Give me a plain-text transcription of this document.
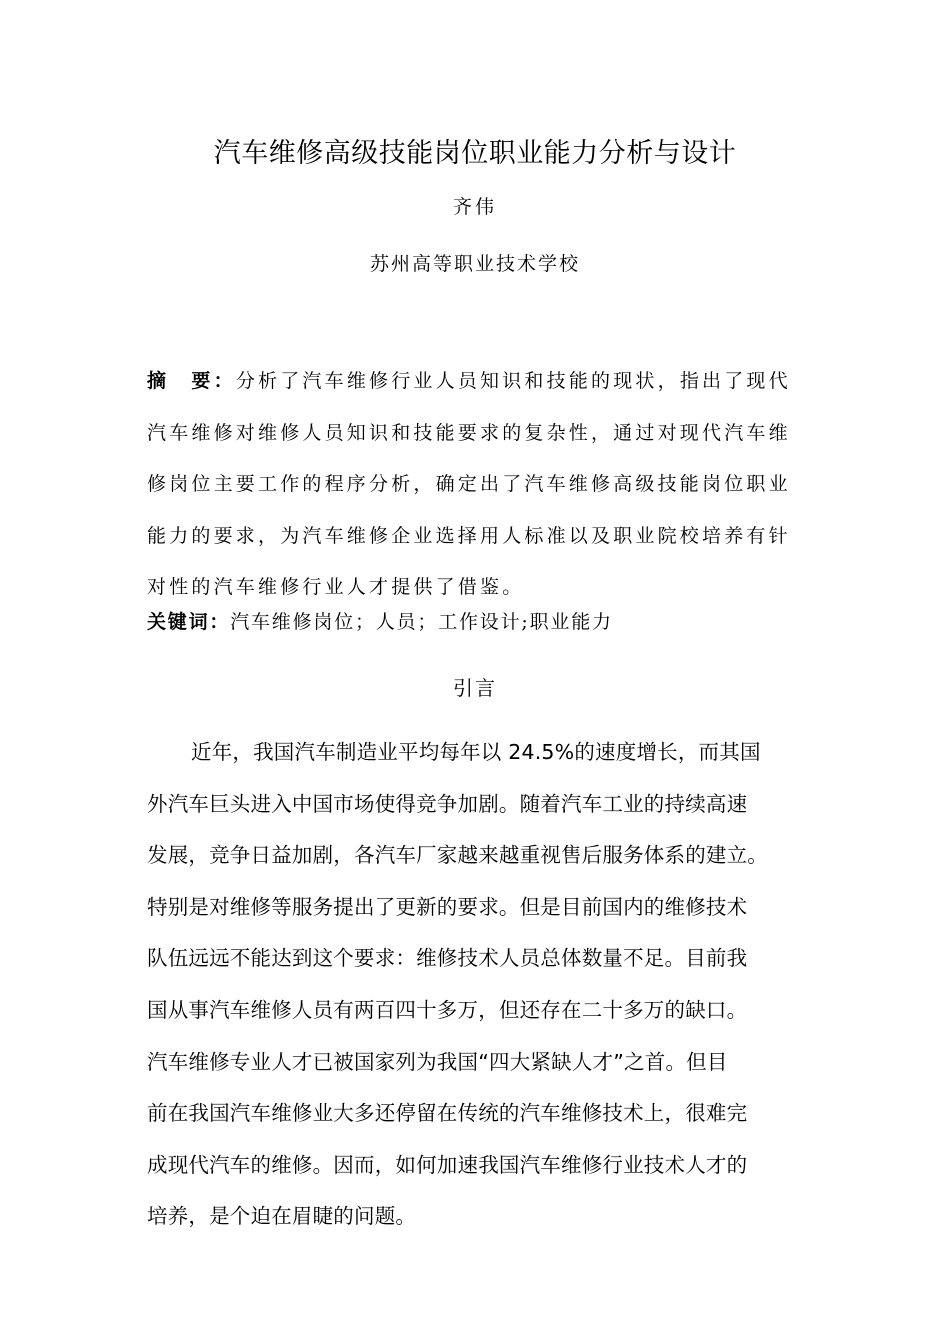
汽车维修高级技能岗位职业能力分析与设计
齐伟
苏州高等职业技术学校
摘　要：分析了汽车维修行业人员知识和技能的现状，指出了现代
汽车维修对维修人员知识和技能要求的复杂性，通过对现代汽车维
修岗位主要工作的程序分析，确定出了汽车维修高级技能岗位职业
能力的要求，为汽车维修企业选择用人标准以及职业院校培养有针
对性的汽车维修行业人才提供了借鉴。
关键词：汽车维修岗位；人员；工作设计;职业能力
引言
近年，我国汽车制造业平均每年以 24.5%的速度增长，而其国
外汽车巨头进入中国市场使得竞争加剧。随着汽车工业的持续高速
发展，竞争日益加剧，各汽车厂家越来越重视售后服务体系的建立。
特别是对维修等服务提出了更新的要求。但是目前国内的维修技术
队伍远远不能达到这个要求：维修技术人员总体数量不足。目前我
国从事汽车维修人员有两百四十多万，但还存在二十多万的缺口。
汽车维修专业人才已被国家列为我国“四大紧缺人才”之首。但目
前在我国汽车维修业大多还停留在传统的汽车维修技术上，很难完
成现代汽车的维修。因而，如何加速我国汽车维修行业技术人才的
培养，是个迫在眉睫的问题。
